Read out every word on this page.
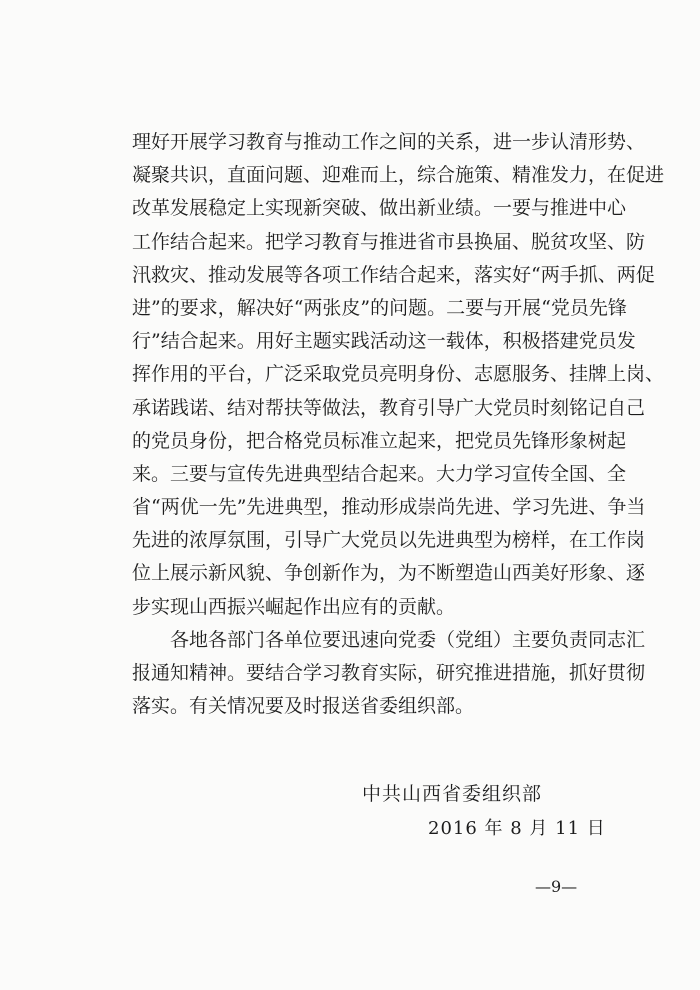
理好开展学习教育与推动工作之间的关系，进一步认清形势、
凝聚共识，直面问题、迎难而上，综合施策、精准发力，在促进
改革发展稳定上实现新突破、做出新业绩。一要与推进中心
工作结合起来。把学习教育与推进省市县换届、脱贫攻坚、防
汛救灾、推动发展等各项工作结合起来，落实好“两手抓、两促
进”的要求，解决好“两张皮”的问题。二要与开展“党员先锋
行”结合起来。用好主题实践活动这一载体，积极搭建党员发
挥作用的平台，广泛采取党员亮明身份、志愿服务、挂牌上岗、
承诺践诺、结对帮扶等做法，教育引导广大党员时刻铭记自己
的党员身份，把合格党员标准立起来，把党员先锋形象树起
来。三要与宣传先进典型结合起来。大力学习宣传全国、全
省“两优一先”先进典型，推动形成崇尚先进、学习先进、争当
先进的浓厚氛围，引导广大党员以先进典型为榜样，在工作岗
位上展示新风貌、争创新作为，为不断塑造山西美好形象、逐
步实现山西振兴崛起作出应有的贡献。
　　各地各部门各单位要迅速向党委（党组）主要负责同志汇
报通知精神。要结合学习教育实际，研究推进措施，抓好贯彻
落实。有关情况要及时报送省委组织部。
中共山西省委组织部
2016 年 8 月 11 日
—9—
